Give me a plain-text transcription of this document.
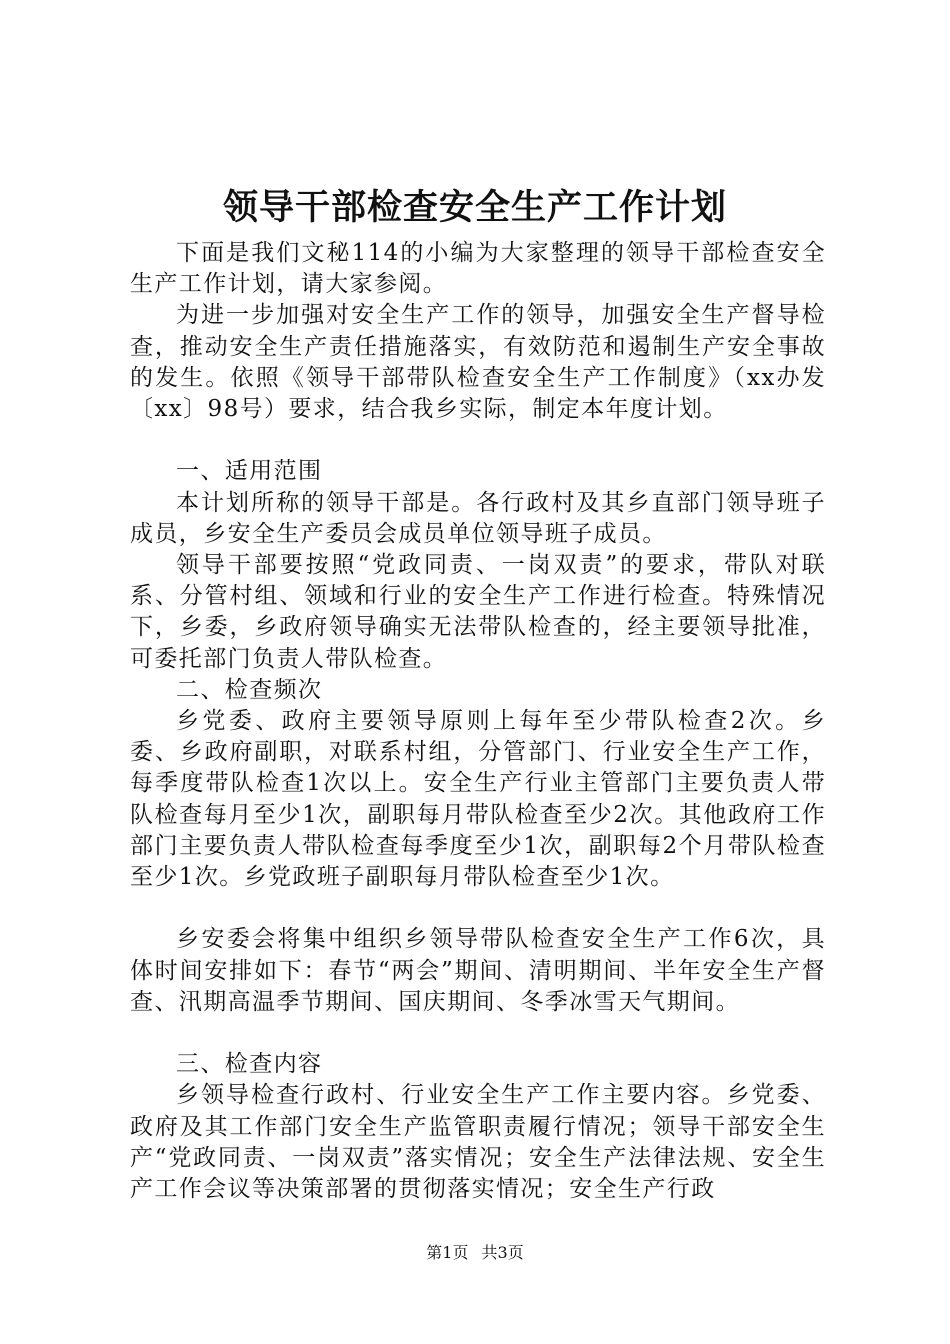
领导干部检查安全生产工作计划

下面是我们文秘114的小编为大家整理的领导干部检查安全生产工作计划，请大家参阅。

为进一步加强对安全生产工作的领导，加强安全生产督导检查，推动安全生产责任措施落实，有效防范和遏制生产安全事故的发生。依照《领导干部带队检查安全生产工作制度》（xx办发〔xx〕98号）要求，结合我乡实际，制定本年度计划。

一、适用范围

本计划所称的领导干部是。各行政村及其乡直部门领导班子成员，乡安全生产委员会成员单位领导班子成员。

领导干部要按照“党政同责、一岗双责”的要求，带队对联系、分管村组、领域和行业的安全生产工作进行检查。特殊情况下，乡委，乡政府领导确实无法带队检查的，经主要领导批准，可委托部门负责人带队检查。

二、检查频次

乡党委、政府主要领导原则上每年至少带队检查2次。乡委、乡政府副职，对联系村组，分管部门、行业安全生产工作，每季度带队检查1次以上。安全生产行业主管部门主要负责人带队检查每月至少1次，副职每月带队检查至少2次。其他政府工作部门主要负责人带队检查每季度至少1次，副职每2个月带队检查至少1次。乡党政班子副职每月带队检查至少1次。

乡安委会将集中组织乡领导带队检查安全生产工作6次，具体时间安排如下：春节“两会”期间、清明期间、半年安全生产督查、汛期高温季节期间、国庆期间、冬季冰雪天气期间。

三、检查内容

乡领导检查行政村、行业安全生产工作主要内容。乡党委、政府及其工作部门安全生产监管职责履行情况；领导干部安全生产“党政同责、一岗双责”落实情况；安全生产法律法规、安全生产工作会议等决策部署的贯彻落实情况；安全生产行政

第1页 共3页
